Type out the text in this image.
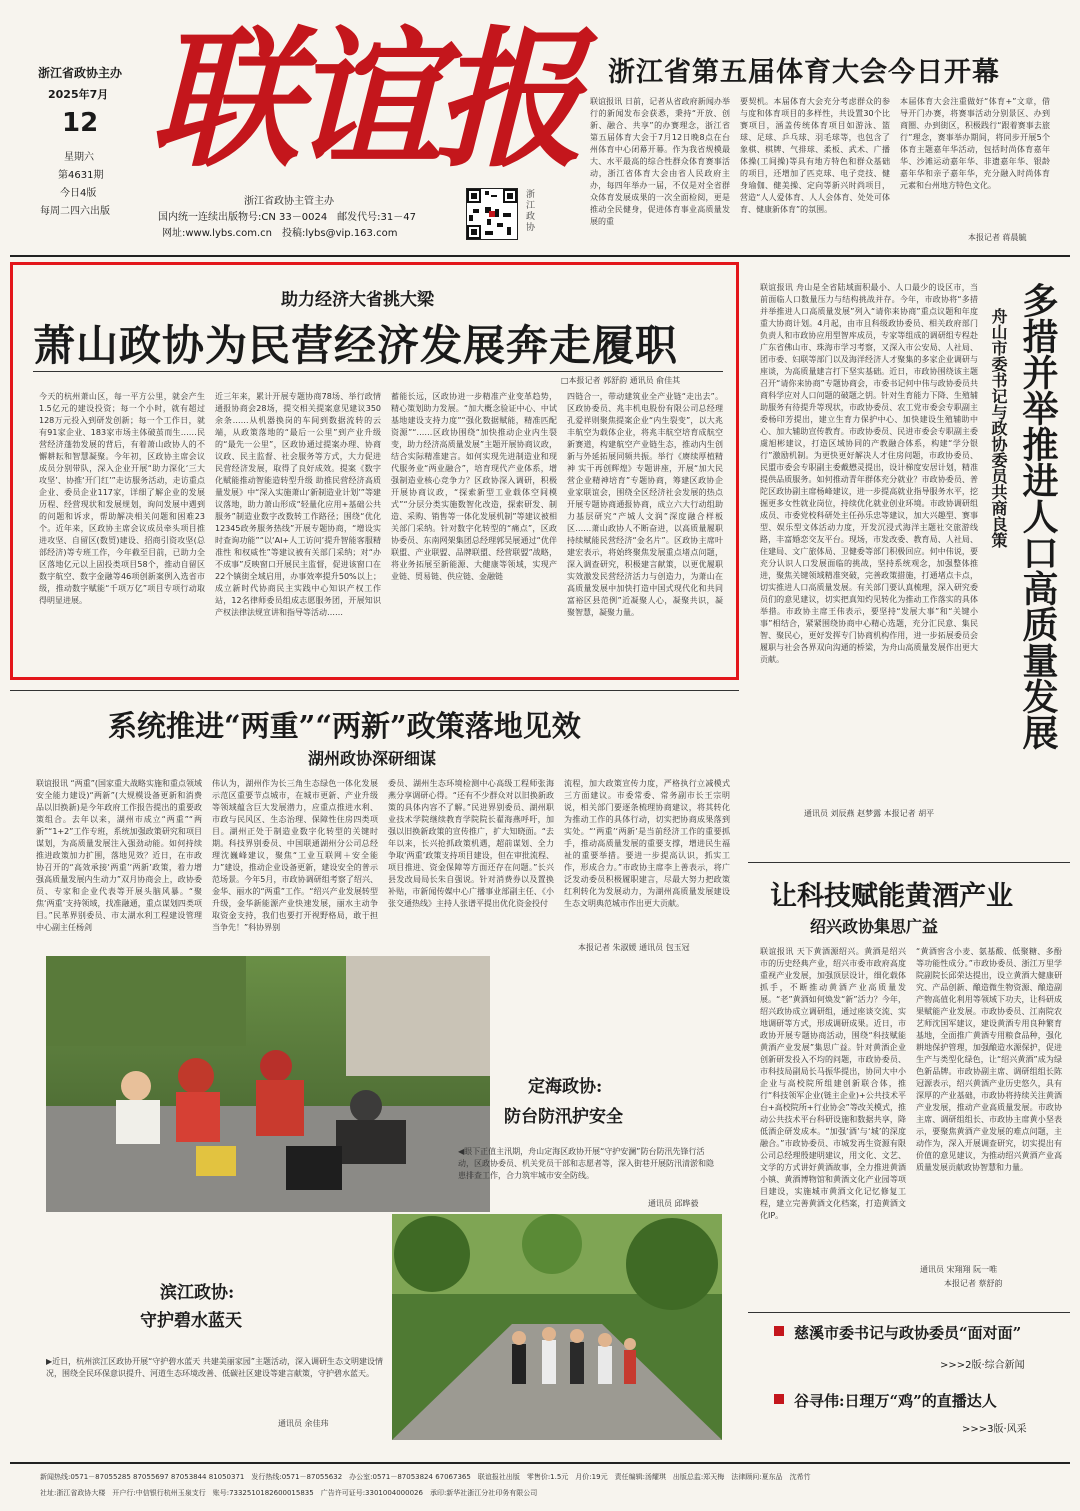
浙江省政协主办
2025年7月
12
星期六
第4631期
今日4版
每周二四六出版
联谊报
浙江省政协主管主办
国内统一连续出版物号:CN 33－0024　邮发代号:31－47
网址:www.lybs.com.cn　投稿:lybs@vip.163.com
浙江政协
浙江省第五届体育大会今日开幕
联谊报讯 日前，记者从省政府新闻办举行的新闻发布会获悉，秉持“开放、创新、融合、共享”的办赛理念，浙江省第五届体育大会于7月12日晚8点在台州体育中心闭幕开幕。作为我省规模最大、水平最高的综合性群众体育赛事活动，浙江省体育大会由省人民政府主办，每四年举办一届，不仅是对全省群众体育发展成果的一次全面检阅，更是推动全民健身，促进体育事业高质量发展的重
要契机。本届体育大会充分考虑群众的参与度和体育项目的多样性，共设置30个比赛项目，涵盖传统体育项目如游泳、篮球、足球、乒乓球、羽毛球等，也包含了象棋、棋牌、气排球、柔板、武术、广播体操(工间操)等具有地方特色和群众基础的项目，还增加了匹克球、电子竞技、健身瑜伽、健美操、定向等新兴时尚项目，营造“人人爱体育、人人会体育、处处可体育、健康新体育”的氛围。
本届体育大会注重做好“体育+”文章，借导开门办赛，将赛事活动分别景区、办到商圈、办到街区，积极践行“跟着赛事去旅行”理念，赛事举办期间，将同步开展5个体育主题嘉年华活动，包括时尚体育嘉年华、沙滩运动嘉年华、非遗嘉年华、银龄嘉年华和亲子嘉年华，充分融入时尚体育元素和台州地方特色文化。
本报记者 蒋晨毓
助力经济大省挑大梁
萧山政协为民营经济发展奔走履职
□本报记者 郭舒韵 通讯员 俞佳其
今天的杭州萧山区，每一平方公里，就会产生1.5亿元的建设投资；每一个小时，就有超过128万元投入到研发创新；每一个工作日，就有91家企业、183家市场主体破茧而生……民营经济蓬勃发展的背后，有着萧山政协人的不懈耕耘和智慧凝聚。今年初，区政协主席会议成员分别带队，深入企业开展“助力深化‘三大攻坚’、协推‘开门红’”走访服务活动，走访重点企业、委员企业117家，详细了解企业的发展历程、经营现状和发展规划，询问发展中遇到的问题和诉求，帮助解决相关问题和困难23个。近年来，区政协主席会议成员牵头项目推进攻坚、自留区(数贸)建设、招商引资攻坚(总部经济)等专班工作，今年截至目前，已助力全区落地亿元以上固投类项目58个，推动自留区数字航空、数字金融等46项创新案例入选省市级，推动数字赋能“千项万亿”项目专项行动取得明显进展。
近三年来，累计开展专题协商78场、举行政情通报协商会28场，提交相关提案意见建议350余条……从机器换岗的车间到数据流转的云端，从政策落地的“最后一公里”到产业升级的“最先一公里”，区政协通过提案办理、协商议政、民主监督、社会服务等方式，大力促进民营经济发展，取得了良好成效。提案《数字化赋能推动智能造转型升级 助推民营经济高质量发展》中“深入实施萧山‘新制造业计划’”等建议落地，助力萧山形成“轻量化应用+基础公共服务”制造业数字改数转工作路径；围绕“优化12345政务服务热线”开展专题协商，“增设实时查询功能”“以‘AI+人工访问’提升智能客服精准性 和权威性”等建议被有关部门采纳；对“办不成事”反映窗口开展民主监督，促进该窗口在22个镇街全域启用，办事效率提升50%以上；成立新时代协商民主实践中心知识产权工作站，12名律师委员组成志愿服务团，开展知识产权法律法规宣讲和指导等活动……
蓄能长远，区政协进一步精准产业变革趋势，精心策划助力发展。“加大概念验证中心、中试基地建设支持力度”“强化数据赋能，精准匹配资源”“……区政协围绕“加快推动企业内生裂变，助力经济高质量发展”主题开展协商议政，结合实际精准建言。如何实现先进制造业和现代服务业“两业融合”，培育现代产业体系，增强制造业核心竞争力？区政协深入调研，积极开展协商议政，“探索新型工业载体空间模式”“分层分类实施数智化改造，探索研发、制造、采购、销售等一体化发展机制”等建议被相关部门采纳。针对数字化转型的“痛点”，区政协委员、东南网架集团总经理郭吴展通过“优伴联盟、产业联盟、品牌联盟、经营联盟”战略，将业务拓展至新能源、大健康等领域，实现产业链、贸易链、供应链、金融链
四链合一，带动建筑业全产业链“走出去”。区政协委员、兆丰机电股份有限公司总经理孔爱祥则聚焦提案企业“内生裂变”，以大兆丰航空为载体企业，将兆丰航空培育成航空新赛道，构建航空产业链生态，推动内生创新与外延拓展同频共振。举行《赓续厚植精神 实干再创辉煌》专题讲座，开展“加大民营企业精神培育”专题协商，筹建区政协企业家联谊会，围绕全区经济社会发展的热点开展专题协商通报协商，成立六大行动组助力基层研究“产城人文润”深度融合样板区……萧山政协人不断奋进，以高质量履职持续赋能民营经济“金名片”。区政协主席叶建宏表示，将始终聚焦发展重点堵点问题，深入调查研究，积极建言献策，以更优履职实效激发民营经济活力与创造力，为萧山在高质量发展中加快打造中国式现代化和共同富裕区县范例”近凝聚人心，凝聚共识，凝聚智慧，凝聚力量。	多措并举推进人口高质量发展
舟山市委书记与政协委员共商良策
联谊报讯 舟山是全省陆域面积最小、人口最少的设区市，当前面临人口数量压力与结构挑战并存。今年，市政协将“多措并举推进人口高质量发展”列入“请你来协商”重点议题和年度重大协商计划。4月起，由市且科级政协委员、相关政府部门负责人和市政协应用型智库成员，专家等组成的调研组专程赴广东省佛山市、珠海市学习考察，又深入市公安局、人社局、团市委、妇联等部门以及海洋经济人才聚集的多家企业调研与座谈，为高质量建言打下坚实基础。近日，市政协围绕该主题召开“请你来协商”专题协商会，市委书记何中伟与政协委员共商科学应对人口问题的破题之钥。针对生育能力下降、生殖辅助服务有待提升等现状，市政协委员、农工党市委会专职副主委杨印芳提出，建立生育力保护中心、加快建设生殖辅助中心、加大辅助宣传教育。市政协委员、民进市委会专职副主委虞旭彬建议，打造区域协同的产教融合体系，构建“学分银行”激励机制。为更快更好解决人才住房问题，市政协委员、民盟市委会专职副主委戴懋灵提出，设计梯度安居计划，精准提供品质服务。如何推动青年群体充分就业？市政协委员、普陀区政协副主席杨峰建议，进一步提高就业指导服务水平，挖掘更多女性就业岗位，持续优化就业创业环境。市政协调研组成员、市委党校科研处主任孙乐忠等建议，加大兴趣型、赛事型、娱乐型文体活动力度，开发沉浸式海洋主题社交旅游线路，丰富婚恋交友平台。现场，市发改委、教育局、人社局、住建局、文广旅体局、卫健委等部门积极回应。何中伟说，要充分认识人口发展面临的挑战，坚持系统观念，加强整体推进，聚焦关键领域精准突破，完善政策措施，打通堵点卡点，切实推进人口高质量发展。有关部门要认真梳理，深入研究委员们的意见建议，切实把真知灼见转化为推动工作落实的具体举措。市政协主席王伟表示，要坚持“发展大事”和“关键小事”相结合，紧紧围绕协商中心精心选题，充分汇民意、集民智、聚民心，更好发挥专门协商机构作用，进一步拓展委员会履职与社会各界双向沟通的桥梁，为舟山高质量发展作出更大贡献。
通讯员 刘辰燕 赵梦露 本报记者 胡平
系统推进“两重”“两新”政策落地见效
湖州政协深研细谋
联谊报讯 “两重”(国家重大战略实施和重点领域安全能力建设)“两新”(大规模设备更新和消费品以旧换新)是今年政府工作报告提出的重要政策组合。去年以来，湖州市成立“两重”“两新”“1+2”工作专班，系统加强政策研究和项目谋划，为高质量发展注入强劲动能。如何持续推进政策加力扩围，落地见效？近日，在市政协召开的“高效承接‘两重’‘两新’政策，着力增强高质量发展内生动力”双月协商会上，政协委员、专家和企业代表等开展头脑风暴。“聚焦‘两重’支持领域，找准融通，重点谋划四类项目。”民革界别委员、市太湖水利工程建设管理中心副主任杨剑
伟认为，湖州作为长三角生态绿色一体化发展示范区重要节点城市，在城市更新、产业升级等领域蕴含巨大发展潜力，应重点推进水利、市政与民风区、生态治理、保障性住房四类项目。湖州正处于制造业数字化转型的关键时期。科技界别委员、中国联通湖州分公司总经理沈巍峰建议，聚焦“工业互联网＋安全能力”建设，推动企业设备更新，建设安全的普示范场景。今年5月，市政协调研组考察了绍兴、金华、丽水的“两重”工作。“绍兴产业发展转型升级，金华新能源产业快速发展，丽水主动争取资金支持，我们也要打开视野格局，敢于担当争先！”科协界别
委员、湖州生态环境检测中心高级工程师张海燕分享调研心得。“还有不少群众对以旧换新政策的具体内容不了解。”民进界别委员、湖州职业技术学院继续教育学院院长翟海燕呼吁，加强以旧换新政策的宣传推广，扩大知晓面。“去年以来，长兴抢抓政策机遇，超前谋划、全力争取‘两重’政策支持项目建设，但在审批流程、项目推进、资金保障等方面还存在问题。”长兴县发改局局长朱自强说。针对消费券以及置换补贴，市新闻传媒中心广播事业部副主任、《小张交通热线》主持人张谱平提出优化资金投付
流程，加大政策宣传力度，严格执行立减模式三方面建议。市委常委、常务副市长王宗明说，相关部门要逐条梳理协商建议，将其转化为推动工作的具体行动，切实把协商成果落到实处。“‘两重’‘两新’是当前经济工作的重要抓手，推动高质量发展的重要支撑，增进民生福祉的重要举措。要进一步提高认识，抓实工作，形成合力。”市政协主席李上善表示，将广泛发动委员积极履职建言，尽最大努力把政策红利转化为发展动力，为湖州高质量发展建设生态文明典范城市作出更大贡献。
本报记者 朱淑媛 通讯员 包玉冠
定海政协:
防台防汛护安全
◀眼下正值主汛期，舟山定海区政协开展“守护安澜”防台防汛先锋行活动，区政协委员、机关党员干部和志愿者等，深入街巷开展防汛清淤和隐患排查工作，合力筑牢城市安全防线。
通讯员 邱晔毅
滨江政协:
守护碧水蓝天
▶近日，杭州滨江区政协开展“守护碧水蓝天 共建美丽家园”主题活动，深入调研生态文明建设情况，围绕全民环保意识提升、河道生态环境改善、低碳社区建设等建言献策，守护碧水蓝天。
通讯员 余佳玮
让科技赋能黄酒产业
绍兴政协集思广益
联谊报讯 天下黄酒源绍兴。黄酒是绍兴市的历史经典产业，绍兴市委市政府高度重视产业发展，加强顶层设计，细化载体抓手，不断推动黄酒产业高质量发展。“老”黄酒如何焕发“新”活力？今年，绍兴政协成立调研组，通过座谈交流、实地调研等方式，形成调研成果。近日，市政协开展专题协商活动，围绕“科技赋能黄酒产业发展”集思广益。针对黄酒企业创新研发投入不均的问题，市政协委员、市科技局副局长马振华提出，协同大中小企业与高校院所组建创新联合体，推行“科技领军企业(链主企业)+公共技术平台+高校院所+行业协会”等改关模式，推动公共技术平台科研设施和数据共享，降低酒企研发成本。“加强‘酒’与‘城’的深度融合。”市政协委员、市城发再生资源有限公司总经理殷建明建议，用文化、文艺、文学的方式讲好黄酒故事，全力推进黄酒小镇、黄酒博物馆和黄酒文化产业园等项目建设，实施城市黄酒文化记忆修复工程，建立完善黄酒文化档案，打造黄酒文化IP。
“黄酒窖含小麦、氨基酸、低聚糖、多酚等功能性成分。”市政协委员、浙江万里学院副院长邱荣达提出，设立黄酒大健康研究、产品创新、酿造微生物资源、酿造副产物高值化利用等领域下功夫，让科研成果赋能产业发展。市政协委员、江南院农艺师沈国军建议，建设黄酒专用良种繁育基地，全面推广黄酒专用粮食品种，强化耕地保护管理，加强酿造水源保护，促进生产与类型化绿色，让“绍兴黄酒”成为绿色新品牌。市政协副主席、调研组组长陈冠源表示，绍兴黄酒产业历史悠久，具有深厚的产业基础，市政协将持续关注黄酒产业发展，推动产业高质量发展。市政协主席、调研组组长、市政协主席黄小坚表示，要聚焦黄酒产业发展的难点问题，主动作为，深入开展调查研究，切实提出有价值的意见建议，为推动绍兴黄酒产业高质量发展贡献政协智慧和力量。
通讯员 宋翔翔 阮一唯
本报记者 蔡舒韵
慈溪市委书记与政协委员“面对面”
>>>2版·综合新闻
谷寻伟:日理万“鸡”的直播达人
>>>3版·风采
新闻热线:0571－87055285 87055697 87053844 81050371　发行热线:0571－87055632　办公室:0571－87053824 67067365　联谊报社出版　零售价:1.5元　月价:19元　责任编辑:汤耀琪　出版总监:郑天梅　法律顾问:夏东品　沈希竹
社址:浙江省政协大楼　开户行:中信银行杭州玉泉支行　账号:7332510182600015835　广告许可证号:3301004000026　承印:新华社浙江分社印务有限公司
